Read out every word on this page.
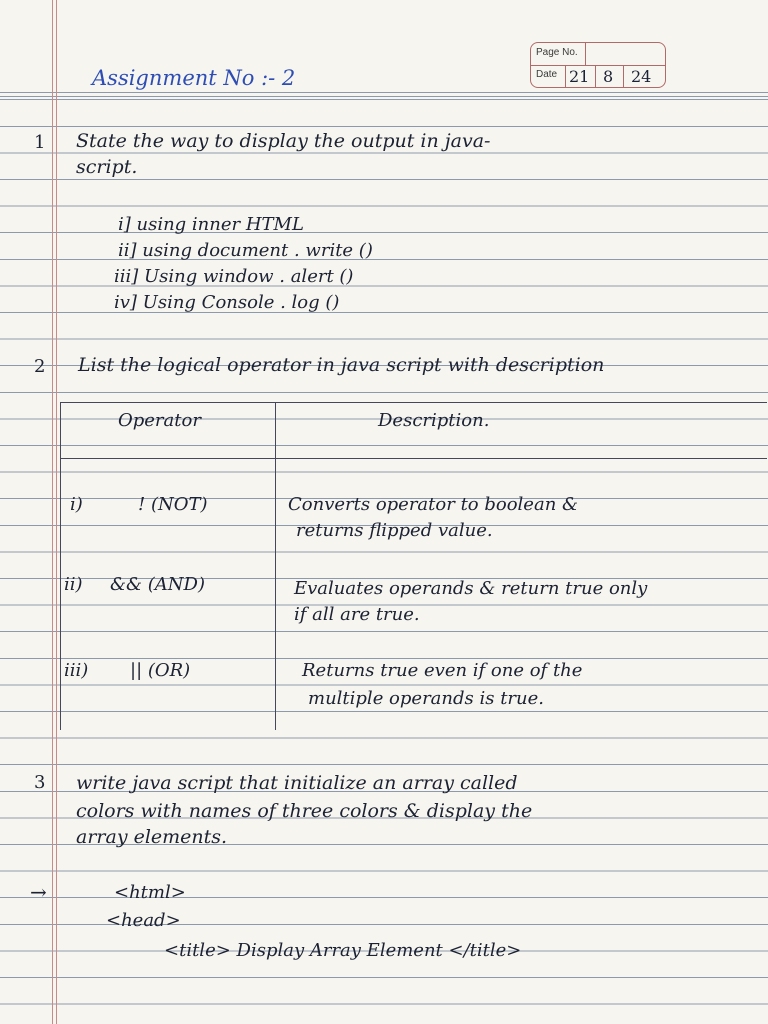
Page No.
Date 21 8 24
Assignment No :- 2
1 State the way to display the output in java-
script.
i] using inner HTML
ii] using document . write ()
iii] Using window . alert ()
iv] Using Console . log ()
2 List the logical operator in java script with description
Operator	Description.
i)	! (NOT)	Converts operator to boolean &
returns flipped value.
ii) && (AND)	Evaluates operands & return true only
if all are true.
iii) || (OR)	Returns true even if one of the
multiple operands is true.
3 write java script that initialize an array called
colors with names of three colors & display the
array elements.
→	<html>
<head>
<title> Display Array Element </title>
